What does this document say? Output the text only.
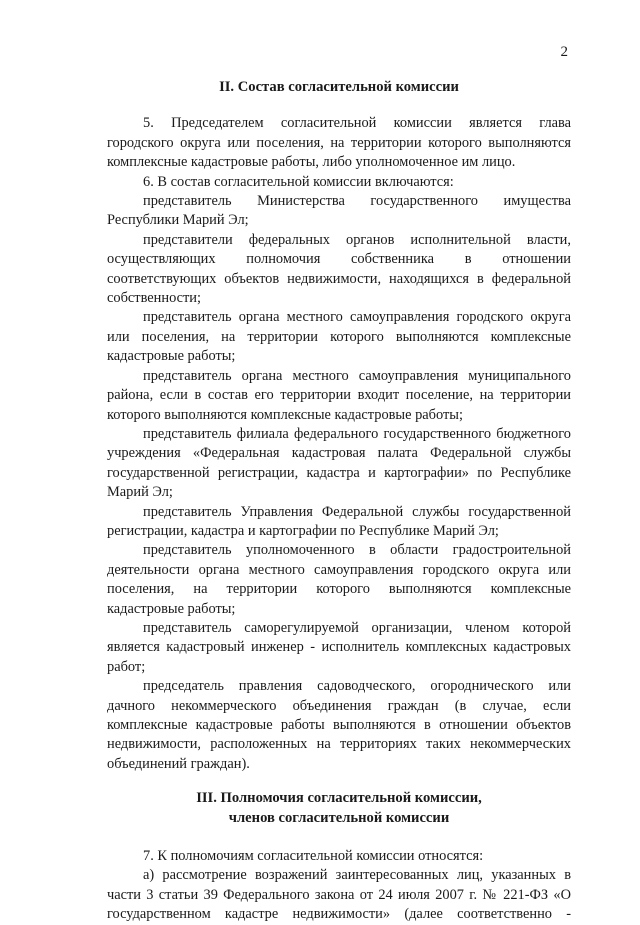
2
II. Состав согласительной комиссии

5. Председателем согласительной комиссии является глава городского округа или поселения, на территории которого выполняются комплексные кадастровые работы, либо уполномоченное им лицо.

6. В состав согласительной комиссии включаются:

представитель Министерства государственного имущества Республики Марий Эл;

представители федеральных органов исполнительной власти, осуществляющих полномочия собственника в отношении соответствующих объектов недвижимости, находящихся в федеральной собственности;

представитель органа местного самоуправления городского округа или поселения, на территории которого выполняются комплексные кадастровые работы;

представитель органа местного самоуправления муниципального района, если в состав его территории входит поселение, на территории которого выполняются комплексные кадастровые работы;

представитель филиала федерального государственного бюджетного учреждения «Федеральная кадастровая палата Федеральной службы государственной регистрации, кадастра и картографии» по Республике Марий Эл;

представитель Управления Федеральной службы государственной регистрации, кадастра и картографии по Республике Марий Эл;

представитель уполномоченного в области градостроительной деятельности органа местного самоуправления городского округа или поселения, на территории которого выполняются комплексные кадастровые работы;

представитель саморегулируемой организации, членом которой является кадастровый инженер - исполнитель комплексных кадастровых работ;

председатель правления садоводческого, огороднического или дачного некоммерческого объединения граждан (в случае, если комплексные кадастровые работы выполняются в отношении объектов недвижимости, расположенных на территориях таких некоммерческих объединений граждан).

III. Полномочия согласительной комиссии,
членов согласительной комиссии

7. К полномочиям согласительной комиссии относятся:

а) рассмотрение возражений заинтересованных лиц, указанных в части 3 статьи 39 Федерального закона от 24 июля 2007 г. № 221-ФЗ «О государственном кадастре недвижимости» (далее соответственно -
